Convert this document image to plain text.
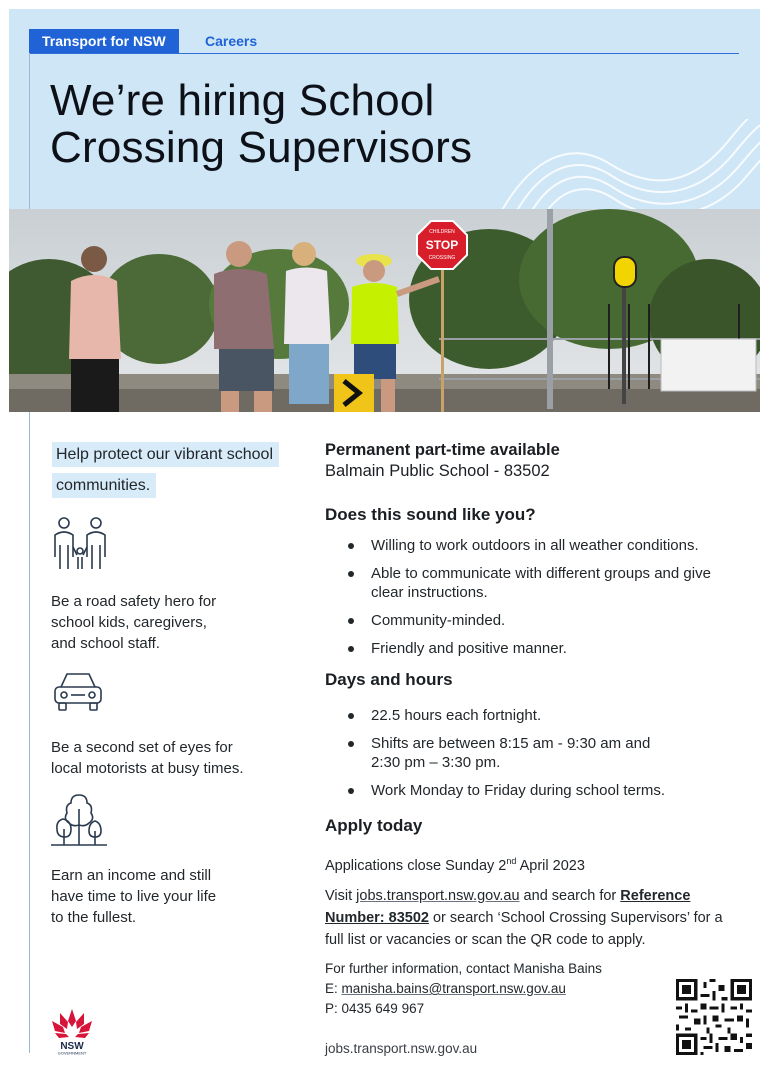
Transport for NSW	Careers
We’re hiring School
Crossing Supervisors
CHILDREN
STOP
CROSSING
Help protect our vibrant school communities.
Be a road safety hero for
school kids, caregivers,
and school staff.
Be a second set of eyes for
local motorists at busy times.
Earn an income and still
have time to live your life
to the fullest.
NSW
GOVERNMENT
Permanent part-time available
Balmain Public School - 83502
Does this sound like you?
Willing to work outdoors in all weather conditions.
Able to communicate with different groups and give clear instructions.
Community-minded.
Friendly and positive manner.
Days and hours
22.5 hours each fortnight.
Shifts are between 8:15 am - 9:30 am and 2:30 pm – 3:30 pm.
Work Monday to Friday during school terms.
Apply today
Applications close Sunday 2nd April 2023
Visit jobs.transport.nsw.gov.au and search for Reference Number: 83502 or search ‘School Crossing Supervisors’ for a full list or vacancies or scan the QR code to apply.
For further information, contact Manisha Bains
E: manisha.bains@transport.nsw.gov.au
P: 0435 649 967
jobs.transport.nsw.gov.au
